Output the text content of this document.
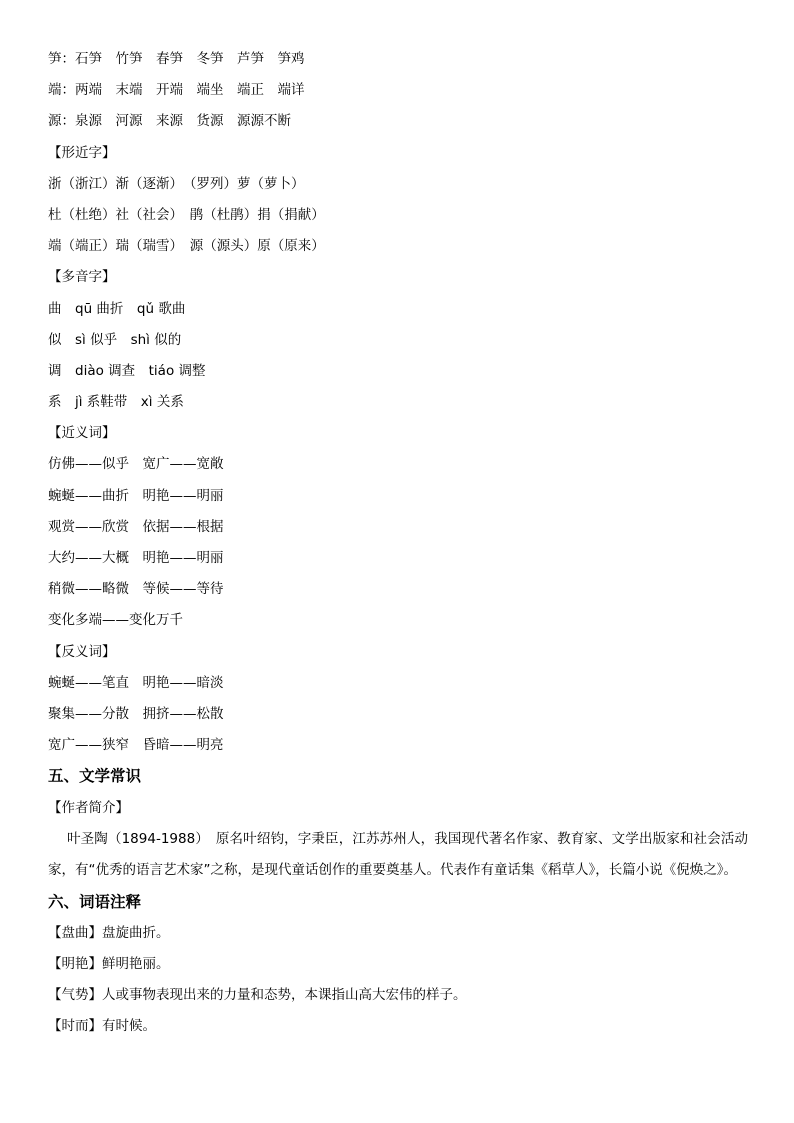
笋：石笋　竹笋　春笋　冬笋　芦笋　笋鸡
端：两端　末端　开端　端坐　端正　端详
源：泉源　河源　来源　货源　源源不断
【形近字】
浙（浙江）渐（逐渐）　（罗列）萝（萝卜）
杜（杜绝）社（社会）　鹃（杜鹃）捐（捐献）
端（端正）瑞（瑞雪）　源（源头）原（原来）
【多音字】
曲　qū 曲折　qǔ 歌曲
似　sì 似乎　shì 似的
调　diào 调查　tiáo 调整
系　jì 系鞋带　xì 关系
【近义词】
仿佛——似乎　宽广——宽敞
蜿蜒——曲折　明艳——明丽
观赏——欣赏　依据——根据
大约——大概　明艳——明丽
稍微——略微　等候——等待
变化多端——变化万千
【反义词】
蜿蜒——笔直　明艳——暗淡
聚集——分散　拥挤——松散
宽广——狭窄　昏暗——明亮
五、文学常识
【作者简介】
叶圣陶（1894-1988）　原名叶绍钧，字秉臣，江苏苏州人，我国现代著名作家、教育家、文学出版家和社会活动家，有“优秀的语言艺术家”之称，是现代童话创作的重要奠基人。代表作有童话集《稻草人》，长篇小说《倪焕之》。
六、词语注释
【盘曲】盘旋曲折。
【明艳】鲜明艳丽。
【气势】人或事物表现出来的力量和态势，本课指山高大宏伟的样子。
【时而】有时候。
